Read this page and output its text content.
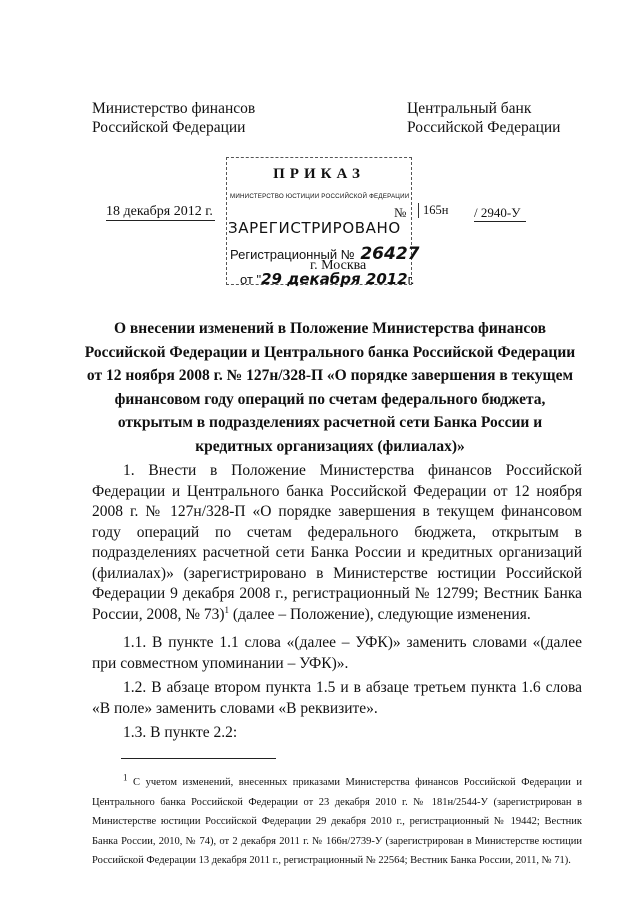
Министерство финансов
Российской Федерации
Центральный банк
Российской Федерации
ПРИКАЗ
МИНИСТЕРСТВО ЮСТИЦИИ РОССИЙСКОЙ ФЕДЕРАЦИИ
ЗАРЕГИСТРИРОВАНО
Регистрационный № 26427
г. Москва
от "29 декабря 2012г.
18 декабря 2012 г.	№	165н / 2940-У
О внесении изменений в Положение Министерства финансов Российской Федерации и Центрального банка Российской Федерации от 12 ноября 2008 г. № 127н/328-П «О порядке завершения в текущем финансовом году операций по счетам федерального бюджета, открытым в подразделениях расчетной сети Банка России и кредитных организациях (филиалах)»
1. Внести в Положение Министерства финансов Российской Федерации и Центрального банка Российской Федерации от 12 ноября 2008 г. № 127н/328-П «О порядке завершения в текущем финансовом году операций по счетам федерального бюджета, открытым в подразделениях расчетной сети Банка России и кредитных организаций (филиалах)» (зарегистрировано в Министерстве юстиции Российской Федерации 9 декабря 2008 г., регистрационный № 12799; Вестник Банка России, 2008, № 73)$^1$ (далее – Положение), следующие изменения.
1.1. В пункте 1.1 слова «(далее – УФК)» заменить словами «(далее при совместном упоминании – УФК)».
1.2. В абзаце втором пункта 1.5 и в абзаце третьем пункта 1.6 слова «В поле» заменить словами «В реквизите».
1.3. В пункте 2.2:
$^1$ С учетом изменений, внесенных приказами Министерства финансов Российской Федерации и Центрального банка Российской Федерации от 23 декабря 2010 г. № 181н/2544-У (зарегистрирован в Министерстве юстиции Российской Федерации 29 декабря 2010 г., регистрационный № 19442; Вестник Банка России, 2010, № 74), от 2 декабря 2011 г. № 166н/2739-У (зарегистрирован в Министерстве юстиции Российской Федерации 13 декабря 2011 г., регистрационный № 22564; Вестник Банка России, 2011, № 71).
